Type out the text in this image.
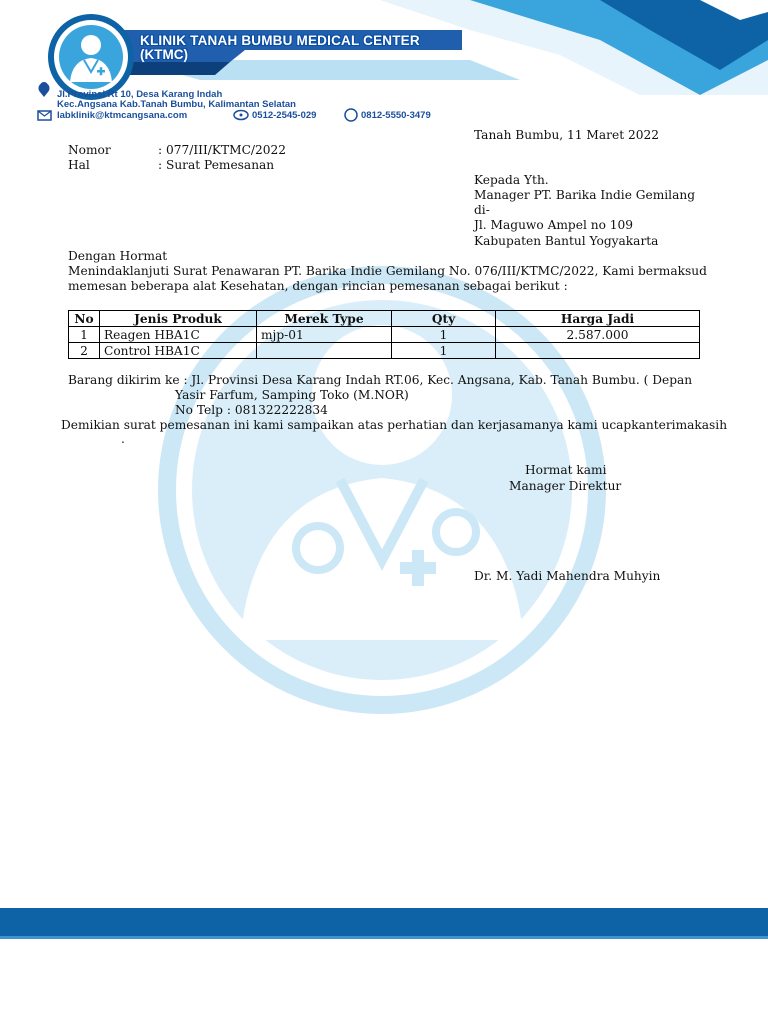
KLINIK TANAH BUMBU MEDICAL CENTER
(KTMC)
Jl.Provinsi Rt 10, Desa Karang Indah
Kec.Angsana Kab.Tanah Bumbu, Kalimantan Selatan
labklinik@ktmcangsana.com	0512-2545-029	0812-5550-3479
Tanah Bumbu, 11 Maret 2022
Nomor	: 077/III/KTMC/2022
Hal	: Surat Pemesanan
Kepada Yth.
Manager PT. Barika Indie Gemilang
di-
Jl. Maguwo Ampel no 109
Kabupaten Bantul Yogyakarta
Dengan Hormat
Menindaklanjuti Surat Penawaran PT. Barika Indie Gemilang No. 076/III/KTMC/2022, Kami bermaksud
memesan beberapa alat Kesehatan, dengan rincian pemesanan sebagai berikut :
No	Jenis Produk	Merek Type	Qty	Harga Jadi
1	Reagen HBA1C	mjp-01	1	2.587.000
2	Control HBA1C		1	
Barang dikirim ke : Jl. Provinsi Desa Karang Indah RT.06, Kec. Angsana, Kab. Tanah Bumbu. ( Depan
Yasir Farfum, Samping Toko (M.NOR)
No Telp : 081322222834
Demikian surat pemesanan ini kami sampaikan atas perhatian dan kerjasamanya kami ucapkanterimakasih
.
Hormat kami
Manager Direktur
Dr. M. Yadi Mahendra Muhyin
